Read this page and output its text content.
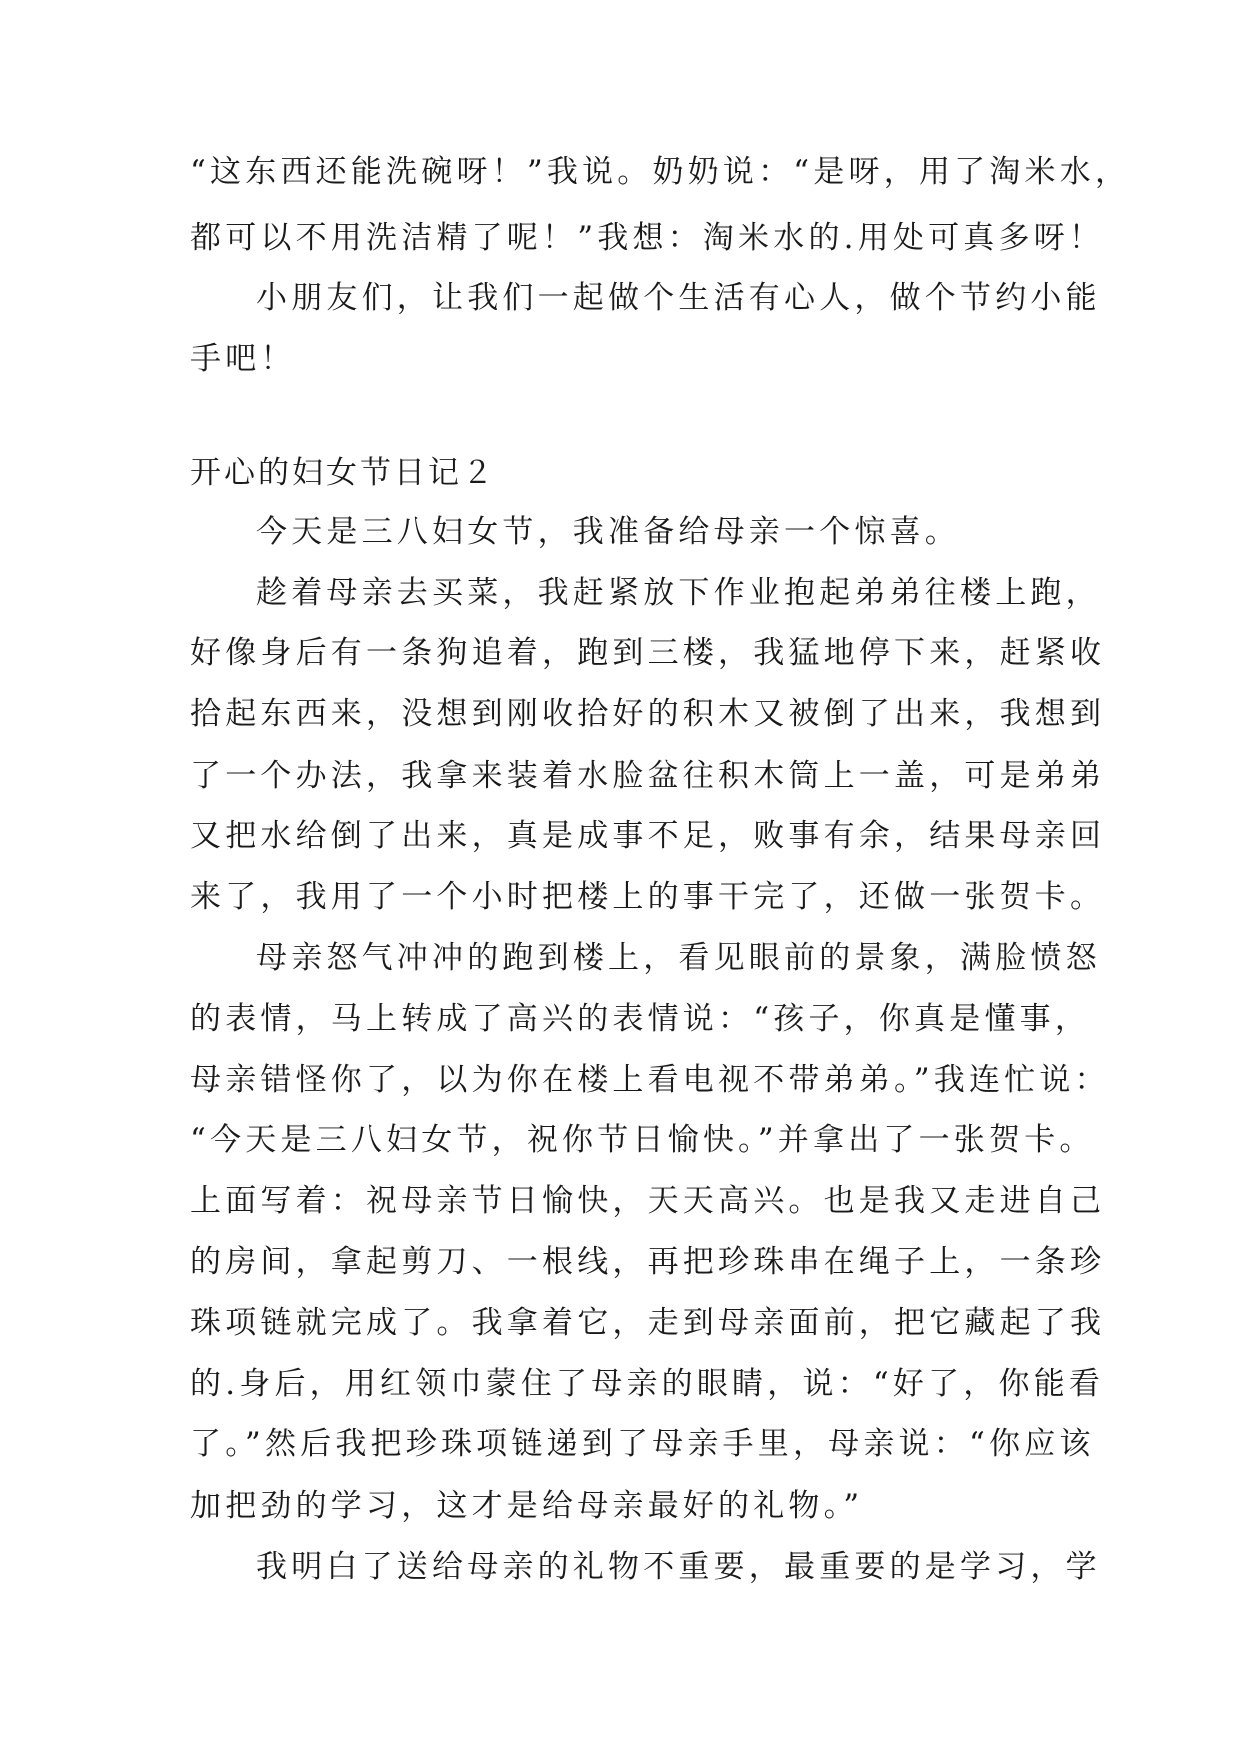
“这东西还能洗碗呀！”我说。奶奶说：“是呀，用了淘米水，
都可以不用洗洁精了呢！”我想：淘米水的.用处可真多呀！
小朋友们，让我们一起做个生活有心人，做个节约小能
手吧！
开心的妇女节日记２
今天是三八妇女节，我准备给母亲一个惊喜。
趁着母亲去买菜，我赶紧放下作业抱起弟弟往楼上跑，
好像身后有一条狗追着，跑到三楼，我猛地停下来，赶紧收
拾起东西来，没想到刚收拾好的积木又被倒了出来，我想到
了一个办法，我拿来装着水脸盆往积木筒上一盖，可是弟弟
又把水给倒了出来，真是成事不足，败事有余，结果母亲回
来了，我用了一个小时把楼上的事干完了，还做一张贺卡。
母亲怒气冲冲的跑到楼上，看见眼前的景象，满脸愤怒
的表情，马上转成了高兴的表情说：“孩子，你真是懂事，
母亲错怪你了，以为你在楼上看电视不带弟弟。”我连忙说：
“今天是三八妇女节，祝你节日愉快。”并拿出了一张贺卡。
上面写着：祝母亲节日愉快，天天高兴。也是我又走进自己
的房间，拿起剪刀、一根线，再把珍珠串在绳子上，一条珍
珠项链就完成了。我拿着它，走到母亲面前，把它藏起了我
的.身后，用红领巾蒙住了母亲的眼睛，说：“好了，你能看
了。”然后我把珍珠项链递到了母亲手里，母亲说：“你应该
加把劲的学习，这才是给母亲最好的礼物。”
我明白了送给母亲的礼物不重要，最重要的是学习，学
